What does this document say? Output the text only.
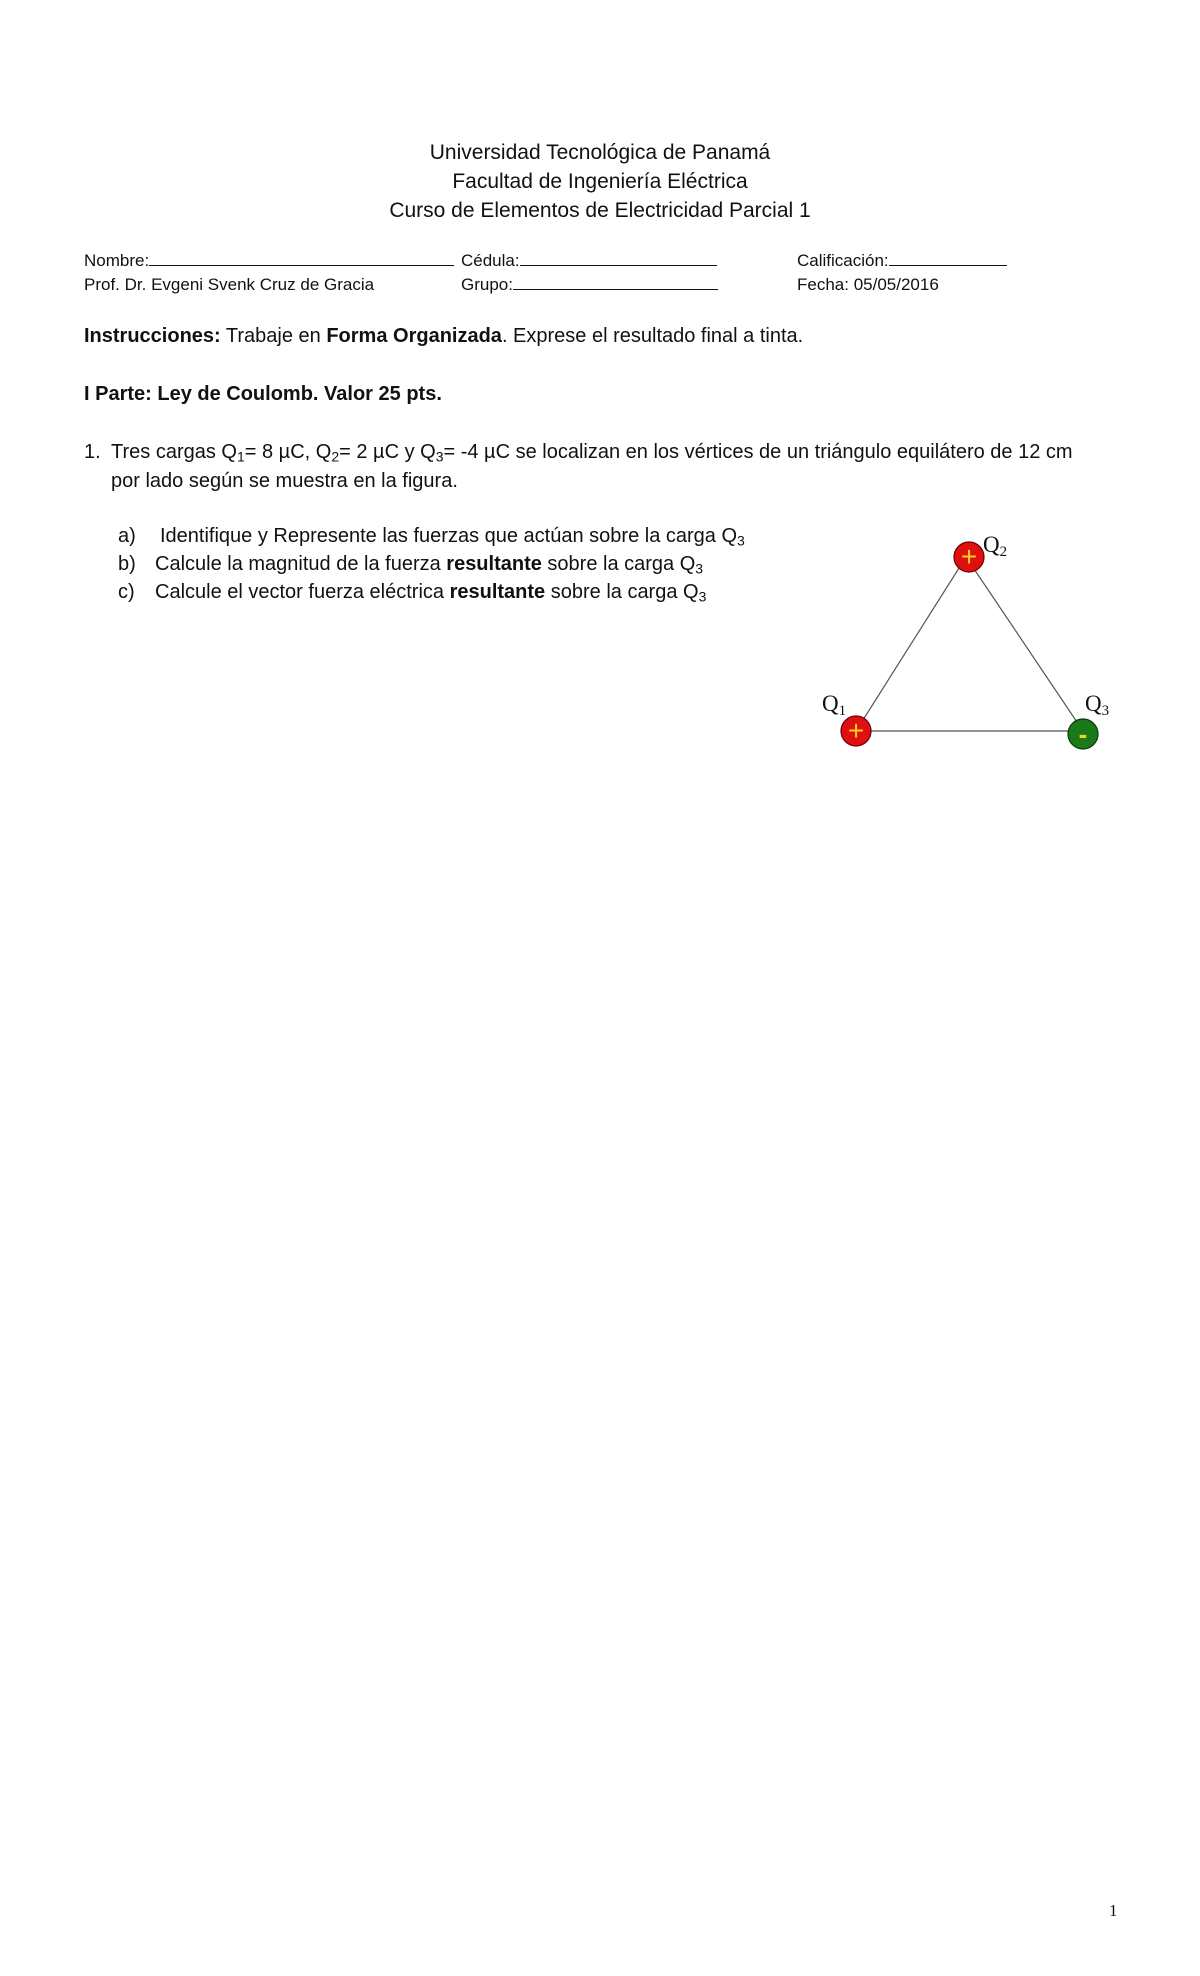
Universidad Tecnológica de Panamá
Facultad de Ingeniería Eléctrica
Curso de Elementos de Electricidad Parcial 1
Nombre:	Cédula:	Calificación:
Prof. Dr. Evgeni Svenk Cruz de Gracia	Grupo:	Fecha: 05/05/2016
Instrucciones: Trabaje en Forma Organizada. Exprese el resultado final a tinta.
I Parte: Ley de Coulomb. Valor 25 pts.
1. Tres cargas $Q_1= 8$ µC, $Q_2= 2$ µC y $Q_3= -4$ µC se localizan en los vértices de un triángulo equilátero de 12 cm
por lado según se muestra en la figura.
a) Identifique y Represente las fuerzas que actúan sobre la carga $Q_3$
b) Calcule la magnitud de la fuerza resultante sobre la carga $Q_3$
c) Calcule el vector fuerza eléctrica resultante sobre la carga $Q_3$
+
+
-
Q1
Q2
Q3
1
